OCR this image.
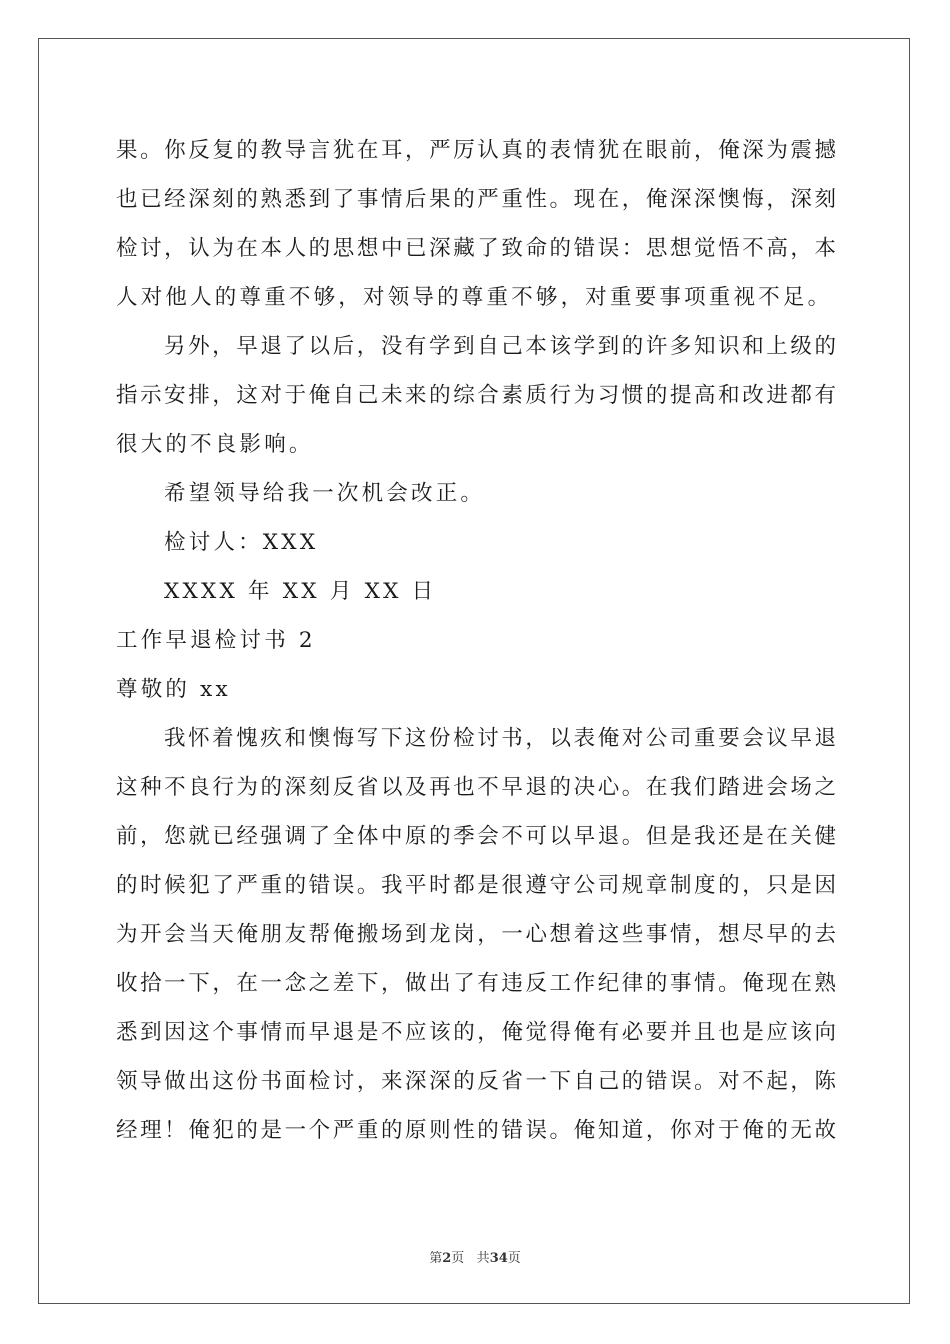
果。你反复的教导言犹在耳，严厉认真的表情犹在眼前，俺深为震撼
也已经深刻的熟悉到了事情后果的严重性。现在，俺深深懊悔，深刻
检讨，认为在本人的思想中已深藏了致命的错误：思想觉悟不高，本
人对他人的尊重不够，对领导的尊重不够，对重要事项重视不足。
另外，早退了以后，没有学到自己本该学到的许多知识和上级的
指示安排，这对于俺自己未来的综合素质行为习惯的提高和改进都有
很大的不良影响。
希望领导给我一次机会改正。
检讨人：XXX
XXXX 年 XX 月 XX 日
工作早退检讨书 2
尊敬的 xx
我怀着愧疚和懊悔写下这份检讨书，以表俺对公司重要会议早退
这种不良行为的深刻反省以及再也不早退的决心。在我们踏进会场之
前，您就已经强调了全体中原的季会不可以早退。但是我还是在关健
的时候犯了严重的错误。我平时都是很遵守公司规章制度的，只是因
为开会当天俺朋友帮俺搬场到龙岗，一心想着这些事情，想尽早的去
收拾一下，在一念之差下，做出了有违反工作纪律的事情。俺现在熟
悉到因这个事情而早退是不应该的，俺觉得俺有必要并且也是应该向
领导做出这份书面检讨，来深深的反省一下自己的错误。对不起，陈
经理！俺犯的是一个严重的原则性的错误。俺知道，你对于俺的无故
第2页 共34页
